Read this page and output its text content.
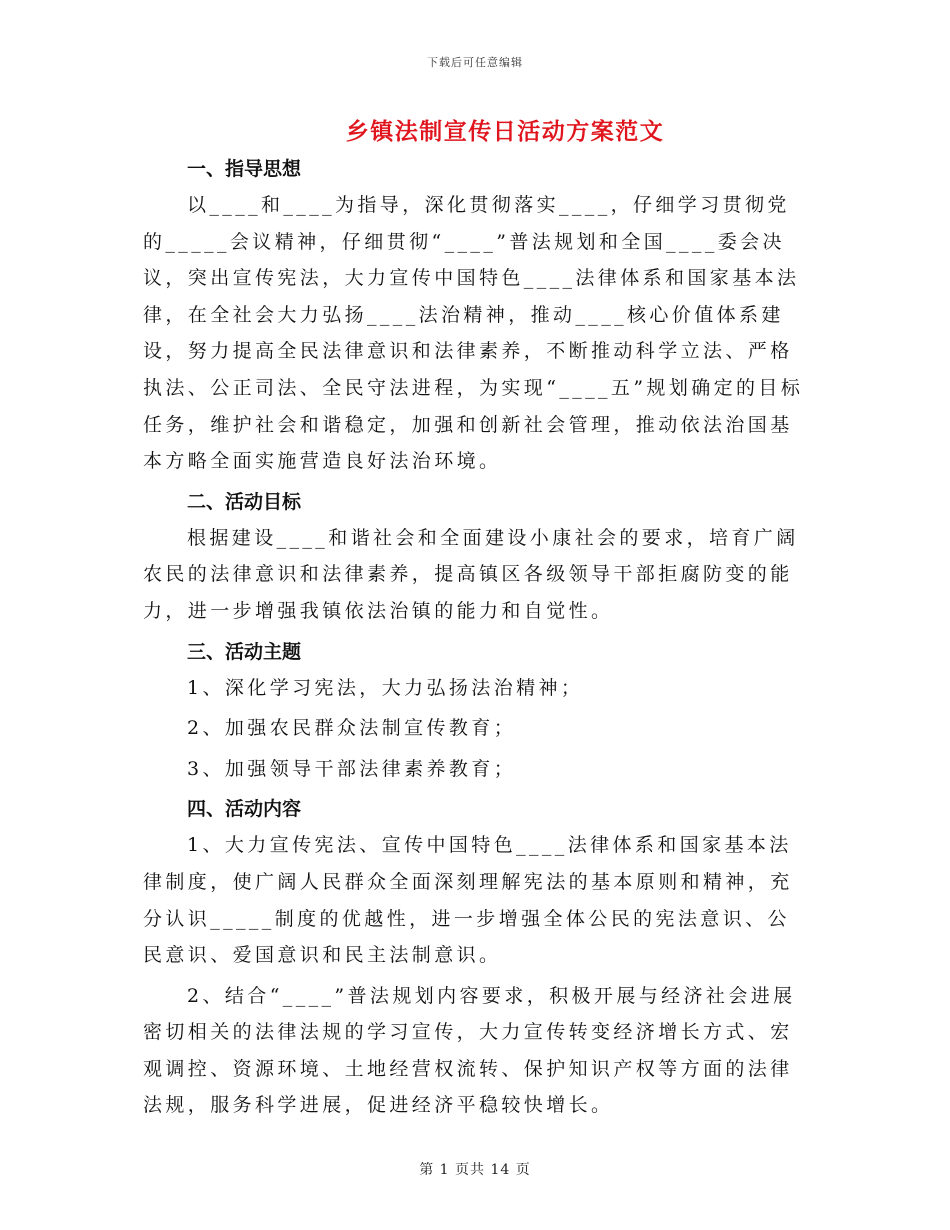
下载后可任意编辑
乡镇法制宣传日活动方案范文
一、指导思想

以____和____为指导，深化贯彻落实____，仔细学习贯彻党的_____会议精神，仔细贯彻“____”普法规划和全国____委会决议，突出宣传宪法，大力宣传中国特色____法律体系和国家基本法律，在全社会大力弘扬____法治精神，推动____核心价值体系建设，努力提高全民法律意识和法律素养，不断推动科学立法、严格执法、公正司法、全民守法进程，为实现“____五”规划确定的目标任务，维护社会和谐稳定，加强和创新社会管理，推动依法治国基本方略全面实施营造良好法治环境。

二、活动目标

根据建设____和谐社会和全面建设小康社会的要求，培育广阔农民的法律意识和法律素养，提高镇区各级领导干部拒腐防变的能力，进一步增强我镇依法治镇的能力和自觉性。

三、活动主题

1、深化学习宪法，大力弘扬法治精神；

2、加强农民群众法制宣传教育；

3、加强领导干部法律素养教育；

四、活动内容

1、大力宣传宪法、宣传中国特色____法律体系和国家基本法律制度，使广阔人民群众全面深刻理解宪法的基本原则和精神，充分认识_____制度的优越性，进一步增强全体公民的宪法意识、公民意识、爱国意识和民主法制意识。

2、结合“____”普法规划内容要求，积极开展与经济社会进展密切相关的法律法规的学习宣传，大力宣传转变经济增长方式、宏观调控、资源环境、土地经营权流转、保护知识产权等方面的法律法规，服务科学进展，促进经济平稳较快增长。

第 1 页共 14 页
